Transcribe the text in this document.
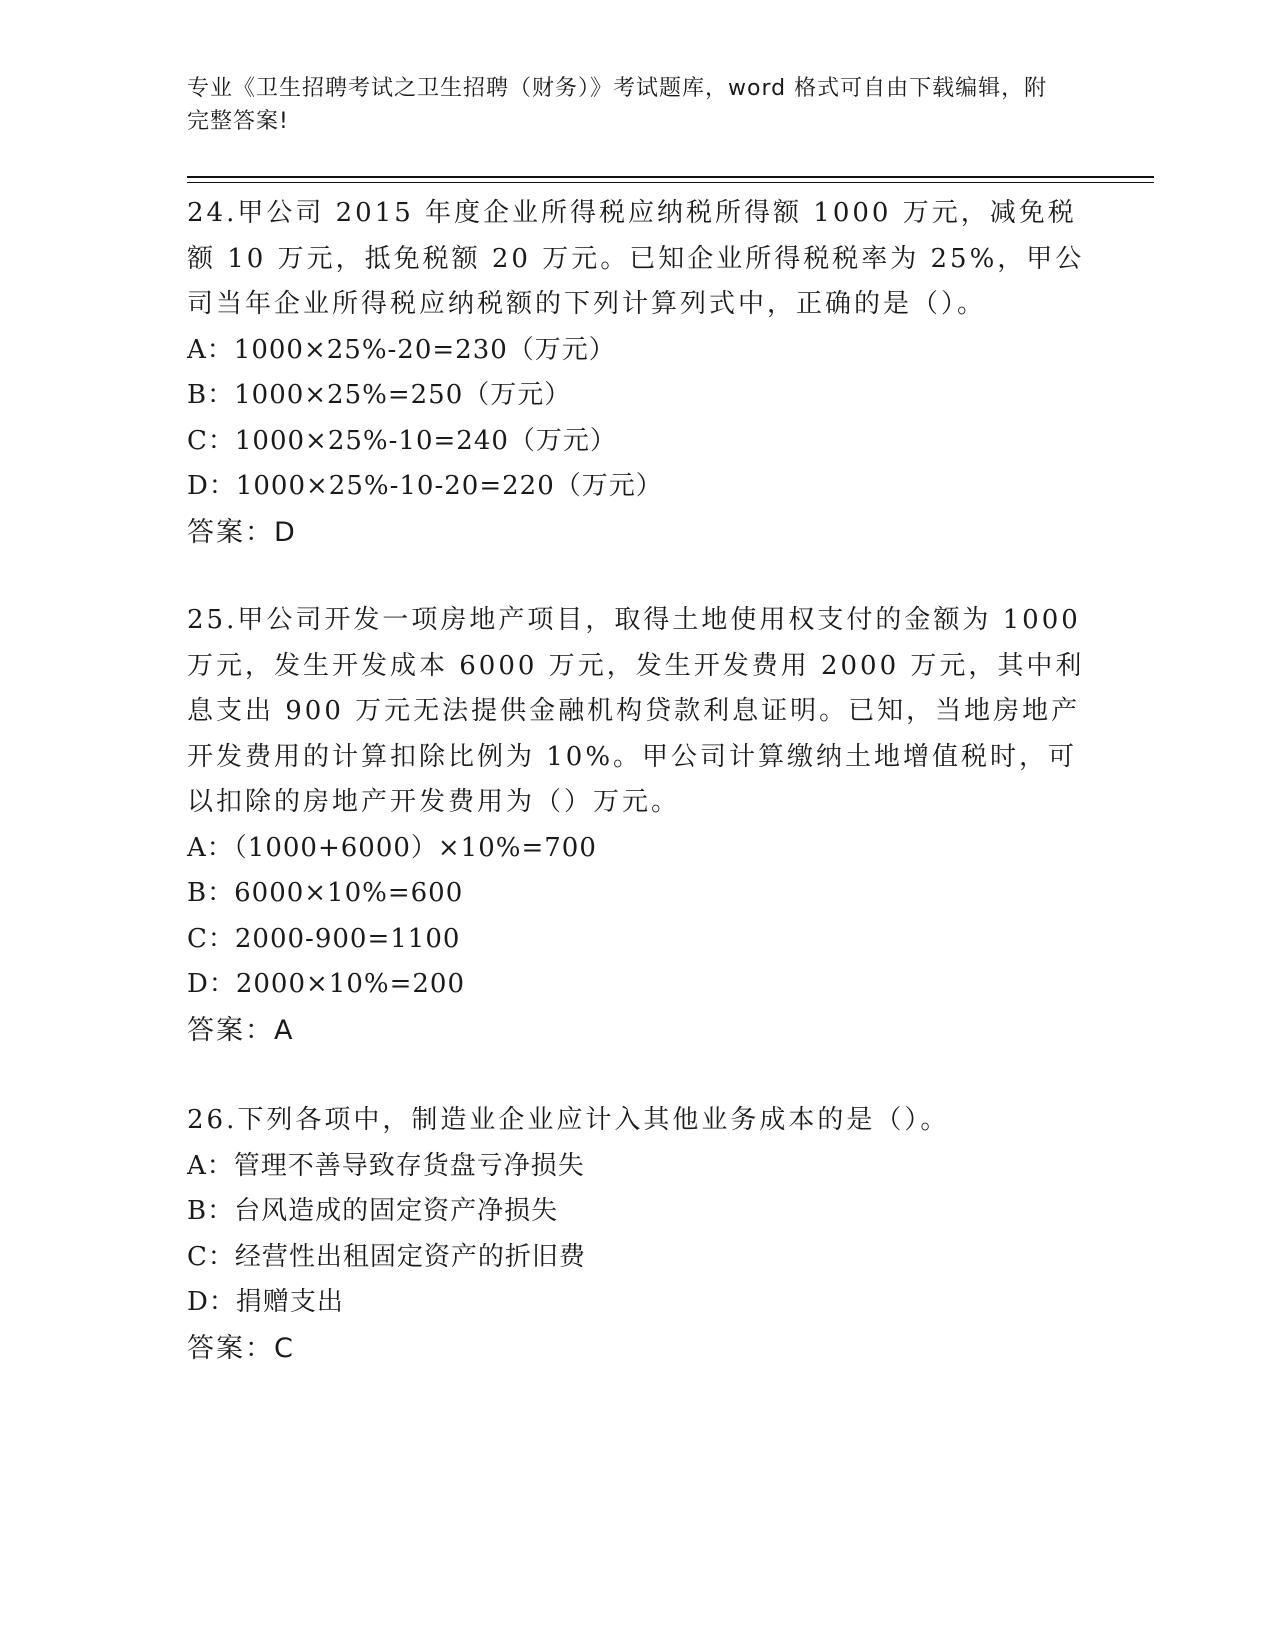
专业《卫生招聘考试之卫生招聘（财务）》考试题库，word 格式可自由下载编辑，附完整答案!
24.甲公司 2015 年度企业所得税应纳税所得额 1000 万元，减免税额 10 万元，抵免税额 20 万元。已知企业所得税税率为 25%，甲公司当年企业所得税应纳税额的下列计算列式中，正确的是（）。
A：1000×25%-20=230（万元）
B：1000×25%=250（万元）
C：1000×25%-10=240（万元）
D：1000×25%-10-20=220（万元）
答案：D
25.甲公司开发一项房地产项目，取得土地使用权支付的金额为 1000 万元，发生开发成本 6000 万元，发生开发费用 2000 万元，其中利息支出 900 万元无法提供金融机构贷款利息证明。已知，当地房地产开发费用的计算扣除比例为 10%。甲公司计算缴纳土地增值税时，可以扣除的房地产开发费用为（）万元。
A：（1000+6000）×10%=700
B：6000×10%=600
C：2000-900=1100
D：2000×10%=200
答案：A
26.下列各项中，制造业企业应计入其他业务成本的是（）。
A：管理不善导致存货盘亏净损失
B：台风造成的固定资产净损失
C：经营性出租固定资产的折旧费
D：捐赠支出
答案：C
